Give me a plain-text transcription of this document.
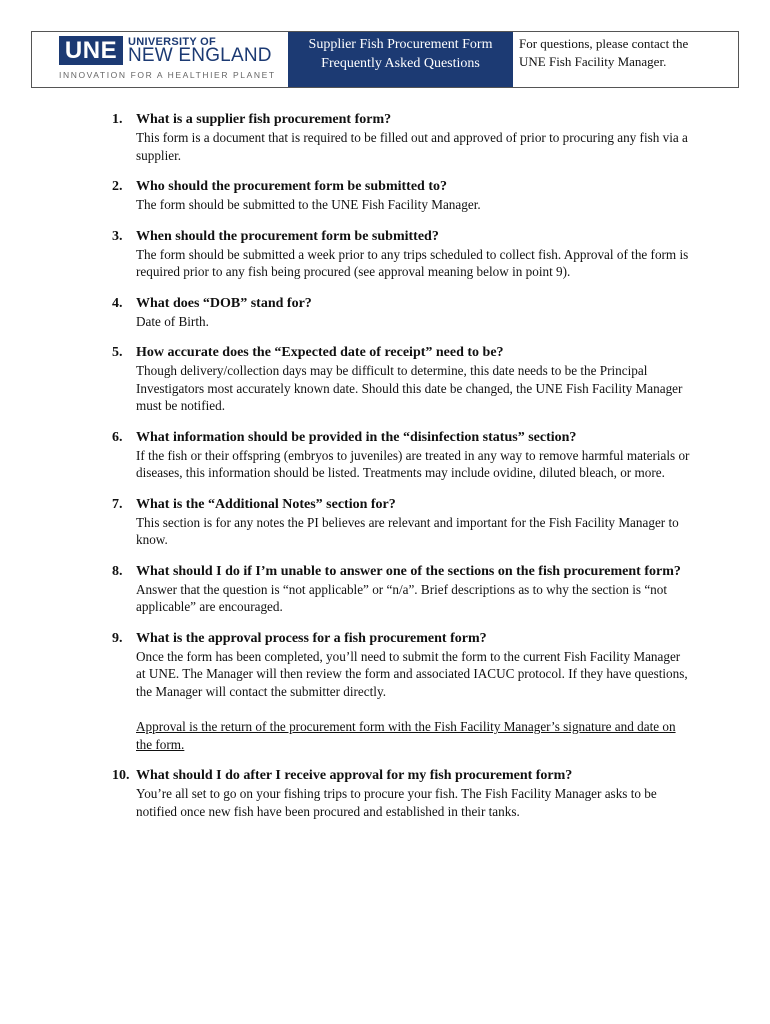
UNE UNIVERSITY OF
NEW ENGLAND
INNOVATION FOR A HEALTHIER PLANET
Supplier Fish Procurement Form
Frequently Asked Questions
For questions, please contact the
UNE Fish Facility Manager.
1. What is a supplier fish procurement form?
This form is a document that is required to be filled out and approved of prior to procuring any fish via a supplier.
2. Who should the procurement form be submitted to?
The form should be submitted to the UNE Fish Facility Manager.
3. When should the procurement form be submitted?
The form should be submitted a week prior to any trips scheduled to collect fish. Approval of the form is required prior to any fish being procured (see approval meaning below in point 9).
4. What does “DOB” stand for?
Date of Birth.
5. How accurate does the “Expected date of receipt” need to be?
Though delivery/collection days may be difficult to determine, this date needs to be the Principal Investigators most accurately known date. Should this date be changed, the UNE Fish Facility Manager must be notified.
6. What information should be provided in the “disinfection status” section?
If the fish or their offspring (embryos to juveniles) are treated in any way to remove harmful materials or diseases, this information should be listed. Treatments may include ovidine, diluted bleach, or more.
7. What is the “Additional Notes” section for?
This section is for any notes the PI believes are relevant and important for the Fish Facility Manager to know.
8. What should I do if I’m unable to answer one of the sections on the fish procurement form?
Answer that the question is “not applicable” or “n/a”. Brief descriptions as to why the section is “not applicable” are encouraged.
9. What is the approval process for a fish procurement form?
Once the form has been completed, you’ll need to submit the form to the current Fish Facility Manager at UNE. The Manager will then review the form and associated IACUC protocol. If they have questions, the Manager will contact the submitter directly.
Approval is the return of the procurement form with the Fish Facility Manager’s signature and date on the form.
10. What should I do after I receive approval for my fish procurement form?
You’re all set to go on your fishing trips to procure your fish. The Fish Facility Manager asks to be notified once new fish have been procured and established in their tanks.
